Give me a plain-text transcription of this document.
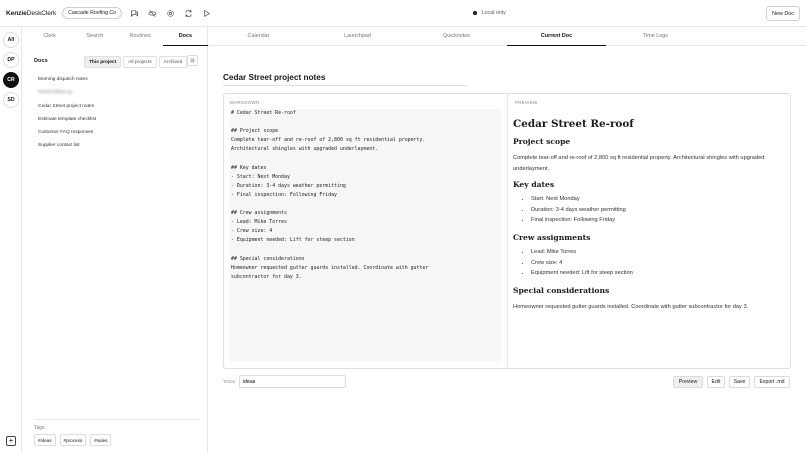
KenzieDeskClerk	Cascade Roofing Co	Local only	New Doc
All
DP
CR
SD
+
Clerk	Search	Routines	Docs
Docs	This project	All projects	Archived	⊡
Morning dispatch notes
Permit follow-up
Cedar Street project notes
Estimate template checklist
Customer FAQ responses
Supplier contact list
Tags
#ideas	#process	#sales
Calendar	Launchpad	Quicknotes	Current Doc	Time Logs
Cedar Street project notes
MARKDOWN
# Cedar Street Re-roof

## Project scope
Complete tear-off and re-roof of 2,800 sq ft residential property.
Architectural shingles with upgraded underlayment.

## Key dates
- Start: Next Monday
- Duration: 3-4 days weather permitting
- Final inspection: Following Friday

## Crew assignments
- Lead: Mike Torres
- Crew size: 4
- Equipment needed: Lift for steep section

## Special considerations
Homeowner requested gutter guards installed. Coordinate with gutter
subcontractor for day 3.
PREVIEW
Cedar Street Re-roof
Project scope
Complete tear-off and re-roof of 2,800 sq ft residential property. Architectural shingles with upgraded underlayment.
Key dates
• Start: Next Monday
• Duration: 3-4 days weather permitting
• Final inspection: Following Friday
Crew assignments
• Lead: Mike Torres
• Crew size: 4
• Equipment needed: Lift for steep section
Special considerations
Homeowner requested gutter guards installed. Coordinate with gutter subcontractor for day 3.
TAGS
ideas	Preview	Edit	Save	Export .md
